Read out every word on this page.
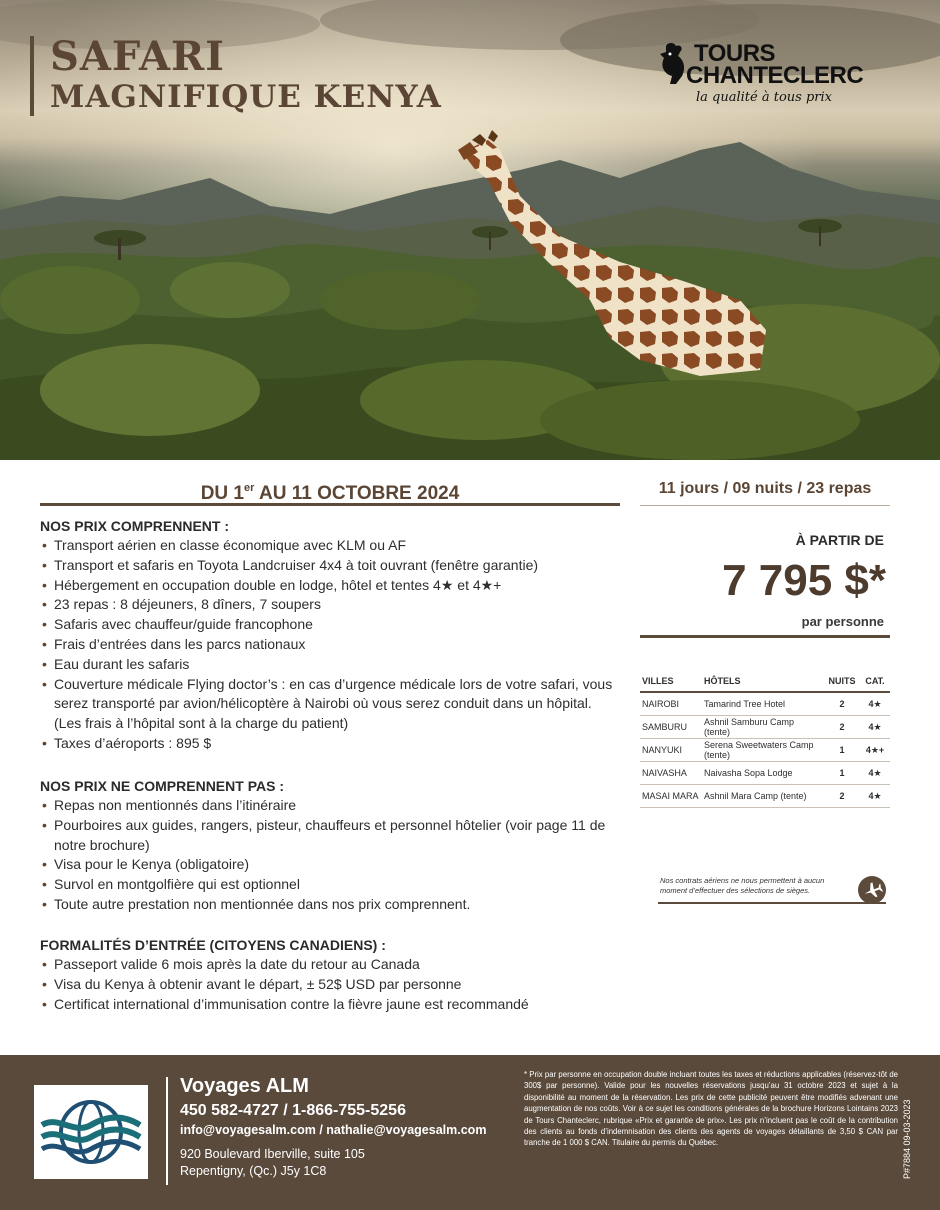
SAFARI
MAGNIFIQUE KENYA
TOURS
CHANTECLERC
la qualité à tous prix
DU 1er AU 11 OCTOBRE 2024	11 jours / 09 nuits / 23 repas
NOS PRIX COMPRENNENT :
• Transport aérien en classe économique avec KLM ou AF
• Transport et safaris en Toyota Landcruiser 4x4 à toit ouvrant (fenêtre garantie)
• Hébergement en occupation double en lodge, hôtel et tentes 4★ et 4★+
• 23 repas : 8 déjeuners, 8 dîners, 7 soupers
• Safaris avec chauffeur/guide francophone
• Frais d’entrées dans les parcs nationaux
• Eau durant les safaris
• Couverture médicale Flying doctor’s : en cas d’urgence médicale lors de votre safari, vous serez transporté par avion/hélicoptère à Nairobi où vous serez conduit dans un hôpital. (Les frais à l’hôpital sont à la charge du patient)
• Taxes d’aéroports : 895 $
NOS PRIX NE COMPRENNENT PAS :
• Repas non mentionnés dans l’itinéraire
• Pourboires aux guides, rangers, pisteur, chauffeurs et personnel hôtelier (voir page 11 de notre brochure)
• Visa pour le Kenya (obligatoire)
• Survol en montgolfière qui est optionnel
• Toute autre prestation non mentionnée dans nos prix comprennent.
FORMALITÉS D’ENTRÉE (CITOYENS CANADIENS) :
• Passeport valide 6 mois après la date du retour au Canada
• Visa du Kenya à obtenir avant le départ, ± 52$ USD par personne
• Certificat international d’immunisation contre la fièvre jaune est recommandé
À PARTIR DE
7 795 $*
par personne
VILLES	HÔTELS	NUITS	CAT.
NAIROBI	Tamarind Tree Hotel	2	4★
SAMBURU	Ashnil Samburu Camp (tente)	2	4★
NANYUKI	Serena Sweetwaters Camp (tente)	1	4★+
NAIVASHA	Naivasha Sopa Lodge	1	4★
MASAI MARA	Ashnil Mara Camp (tente)	2	4★
Nos contrats aériens ne nous permettent à aucun moment d’effectuer des sélections de sièges.
Voyages ALM
450 582-4727 / 1-866-755-5256
info@voyagesalm.com / nathalie@voyagesalm.com
920 Boulevard Iberville, suite 105
Repentigny, (Qc.) J5y 1C8
* Prix par personne en occupation double incluant toutes les taxes et réductions applicables (réservez-tôt de 300$ par personne). Valide pour les nouvelles réservations jusqu’au 31 octobre 2023 et sujet à la disponibilité au moment de la réservation. Les prix de cette publicité peuvent être modifiés advenant une augmentation de nos coûts. Voir à ce sujet les conditions générales de la brochure Horizons Lointains 2023 de Tours Chanteclerc, rubrique «Prix et garantie de prix». Les prix n’incluent pas le coût de la contribution des clients au fonds d’indemnisation des clients des agents de voyages détaillants de 3,50 $ CAN par tranche de 1 000 $ CAN. Titulaire du permis du Québec.	P#7884 09-03-2023
